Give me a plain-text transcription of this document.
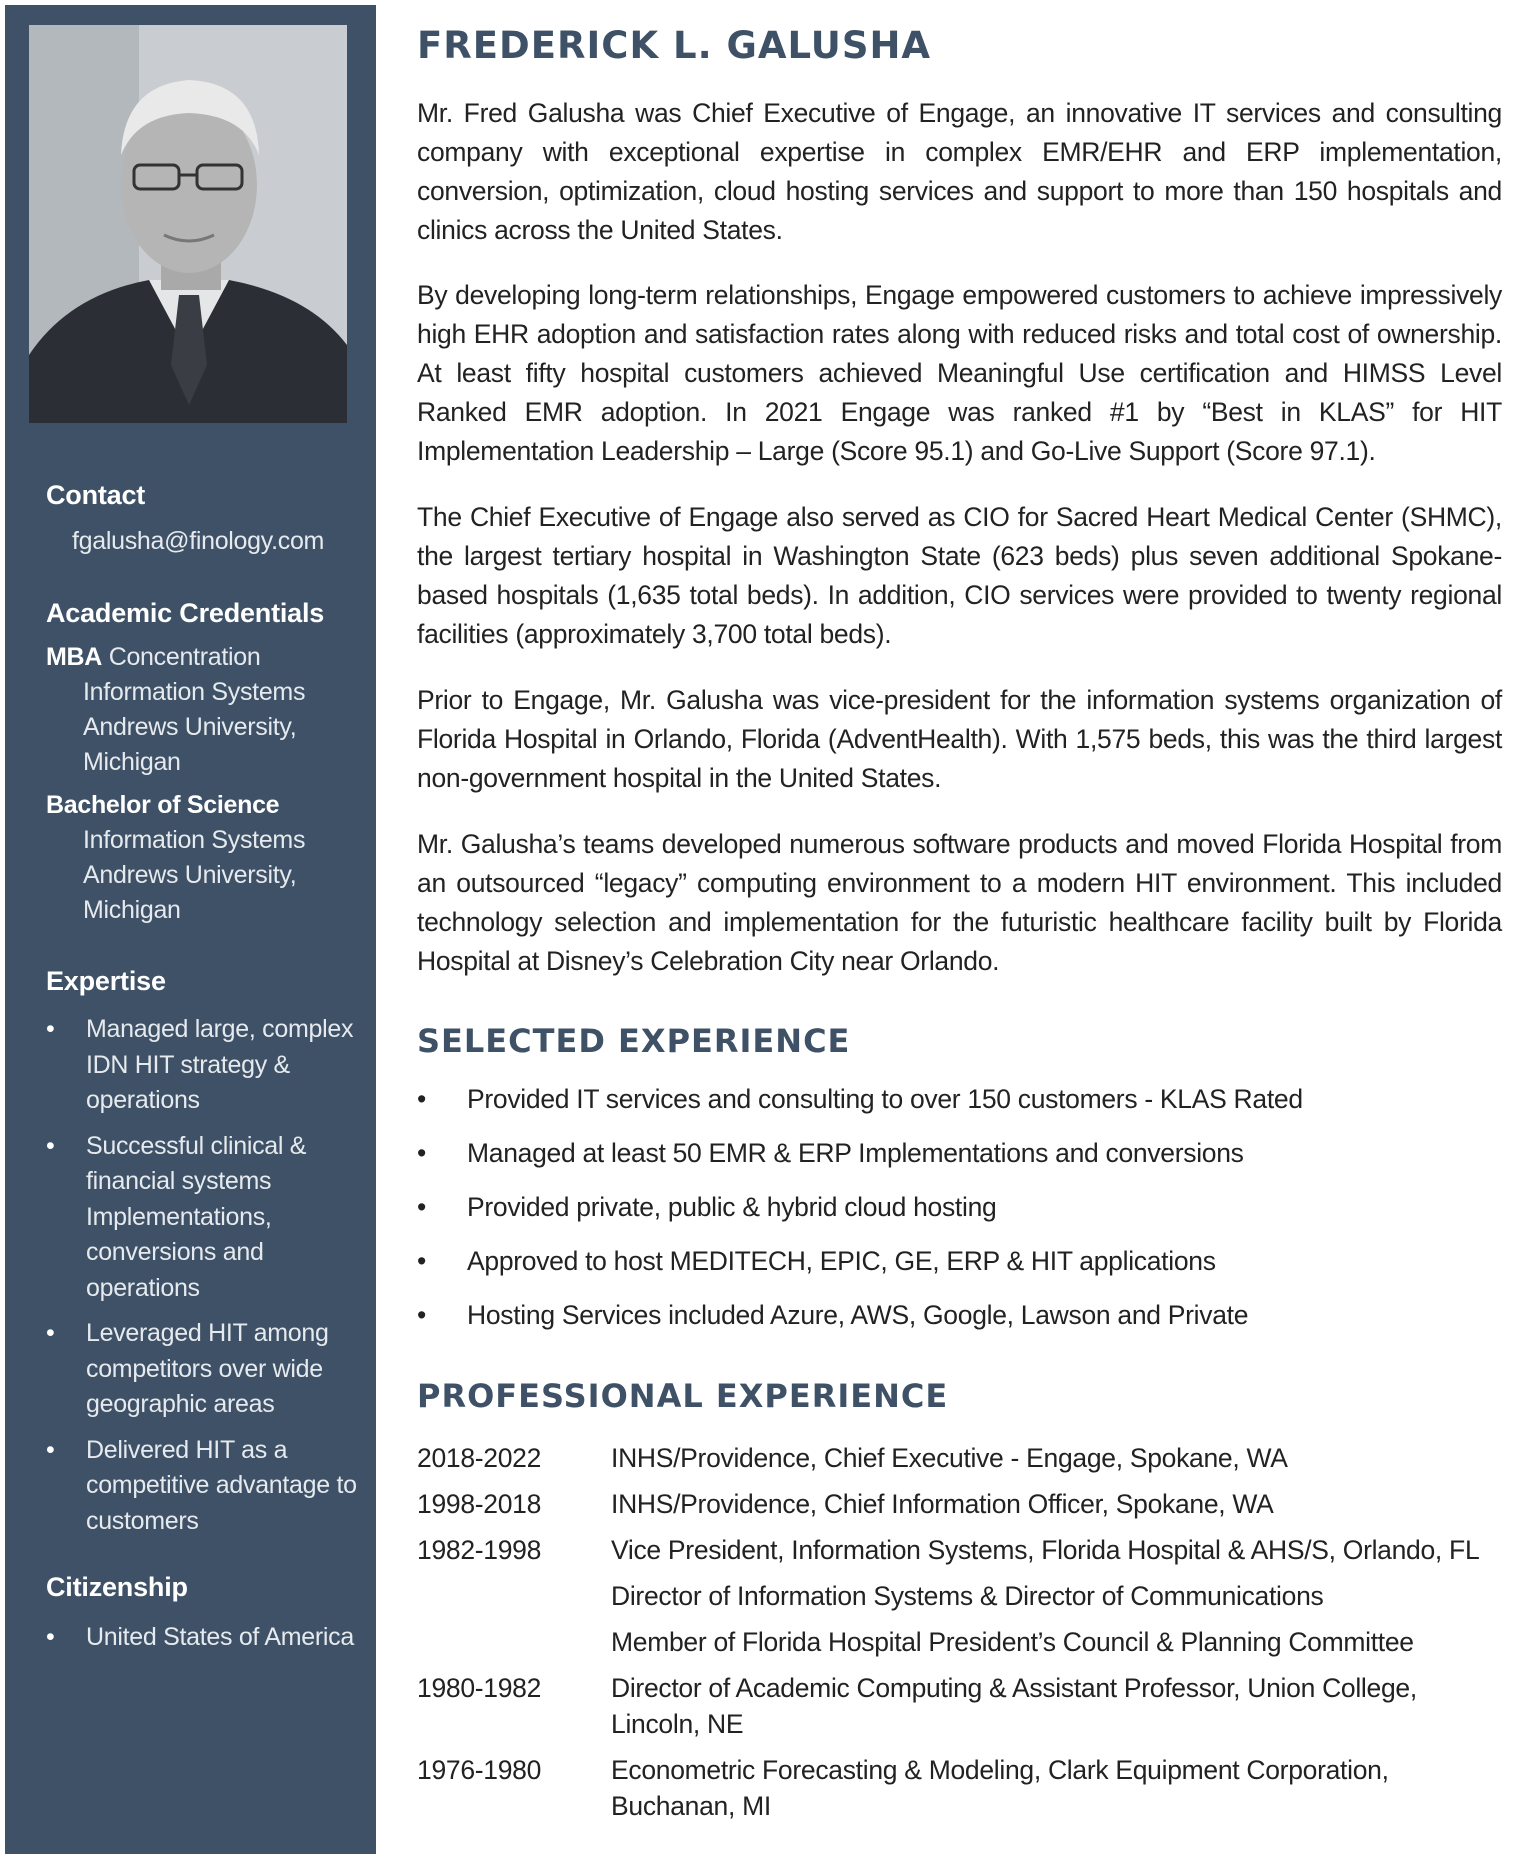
Contact
fgalusha@finology.com
Academic Credentials
MBA Concentration
Information Systems
Andrews University,
Michigan
Bachelor of Science
Information Systems
Andrews University,
Michigan
Expertise
• Managed large, complex IDN HIT strategy & operations
• Successful clinical & financial systems Implementations, conversions and operations
• Leveraged HIT among competitors over wide geographic areas
• Delivered HIT as a competitive advantage to customers
Citizenship
• United States of America
FREDERICK L. GALUSHA
Mr. Fred Galusha was Chief Executive of Engage, an innovative IT services and consulting company with exceptional expertise in complex EMR/EHR and ERP implementation, conversion, optimization, cloud hosting services and support to more than 150 hospitals and clinics across the United States.
By developing long-term relationships, Engage empowered customers to achieve impressively high EHR adoption and satisfaction rates along with reduced risks and total cost of ownership. At least fifty hospital customers achieved Meaningful Use certification and HIMSS Level Ranked EMR adoption. In 2021 Engage was ranked #1 by “Best in KLAS” for HIT Implementation Leadership – Large (Score 95.1) and Go-Live Support (Score 97.1).
The Chief Executive of Engage also served as CIO for Sacred Heart Medical Center (SHMC), the largest tertiary hospital in Washington State (623 beds) plus seven additional Spokane-based hospitals (1,635 total beds). In addition, CIO services were provided to twenty regional facilities (approximately 3,700 total beds).
Prior to Engage, Mr. Galusha was vice-president for the information systems organization of Florida Hospital in Orlando, Florida (AdventHealth). With 1,575 beds, this was the third largest non-government hospital in the United States.
Mr. Galusha’s teams developed numerous software products and moved Florida Hospital from an outsourced “legacy” computing environment to a modern HIT environment. This included technology selection and implementation for the futuristic healthcare facility built by Florida Hospital at Disney’s Celebration City near Orlando.
SELECTED EXPERIENCE
• Provided IT services and consulting to over 150 customers - KLAS Rated
• Managed at least 50 EMR & ERP Implementations and conversions
• Provided private, public & hybrid cloud hosting
• Approved to host MEDITECH, EPIC, GE, ERP & HIT applications
• Hosting Services included Azure, AWS, Google, Lawson and Private
PROFESSIONAL EXPERIENCE
2018-2022	INHS/Providence, Chief Executive - Engage, Spokane, WA
1998-2018	INHS/Providence, Chief Information Officer, Spokane, WA
1982-1998	Vice President, Information Systems, Florida Hospital & AHS/S, Orlando, FL
Director of Information Systems & Director of Communications
Member of Florida Hospital President’s Council & Planning Committee
1980-1982	Director of Academic Computing & Assistant Professor, Union College, Lincoln, NE
1976-1980	Econometric Forecasting & Modeling, Clark Equipment Corporation, Buchanan, MI
